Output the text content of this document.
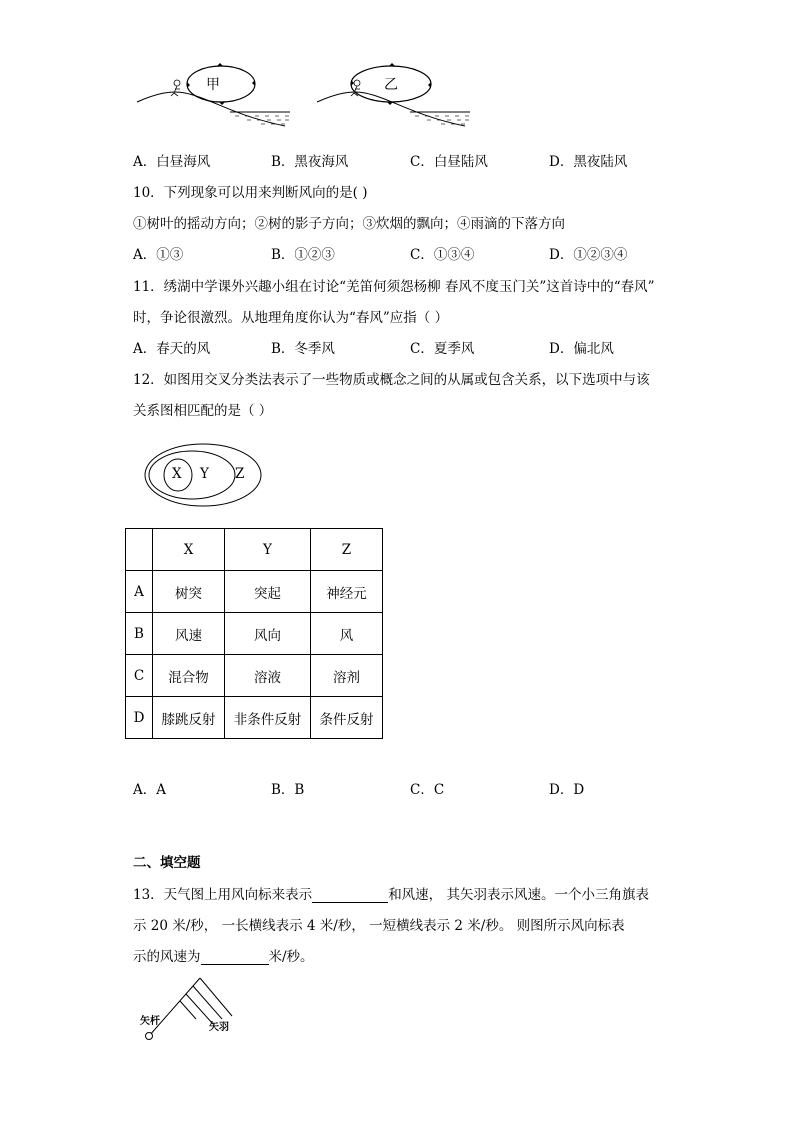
甲	乙
A．白昼海风	B．黑夜海风	C．白昼陆风	D．黑夜陆风
10．下列现象可以用来判断风向的是( )
①树叶的摇动方向；②树的影子方向；③炊烟的飘向；④雨滴的下落方向
A．①③	B．①②③	C．①③④	D．①②③④
11．绣湖中学课外兴趣小组在讨论“羌笛何须怨杨柳 春风不度玉门关”这首诗中的“春风”
时，争论很激烈。从地理角度你认为“春风”应指（ ）
A．春天的风	B．冬季风	C．夏季风	D．偏北风
12．如图用交叉分类法表示了一些物质或概念之间的从属或包含关系，以下选项中与该
关系图相匹配的是（ ）
X Y Z
	X	Y	Z
A	树突	突起	神经元
B	风速	风向	风
C	混合物	溶液	溶剂
D	膝跳反射	非条件反射	条件反射
A．A	B．B	C．C	D．D
二、填空题
13．天气图上用风向标来表示	和风速， 其矢羽表示风速。一个小三角旗表
示 20 米/秒， 一长横线表示 4 米/秒， 一短横线表示 2 米/秒。 则图所示风向标表
示的风速为	米/秒。
矢杆
矢羽
